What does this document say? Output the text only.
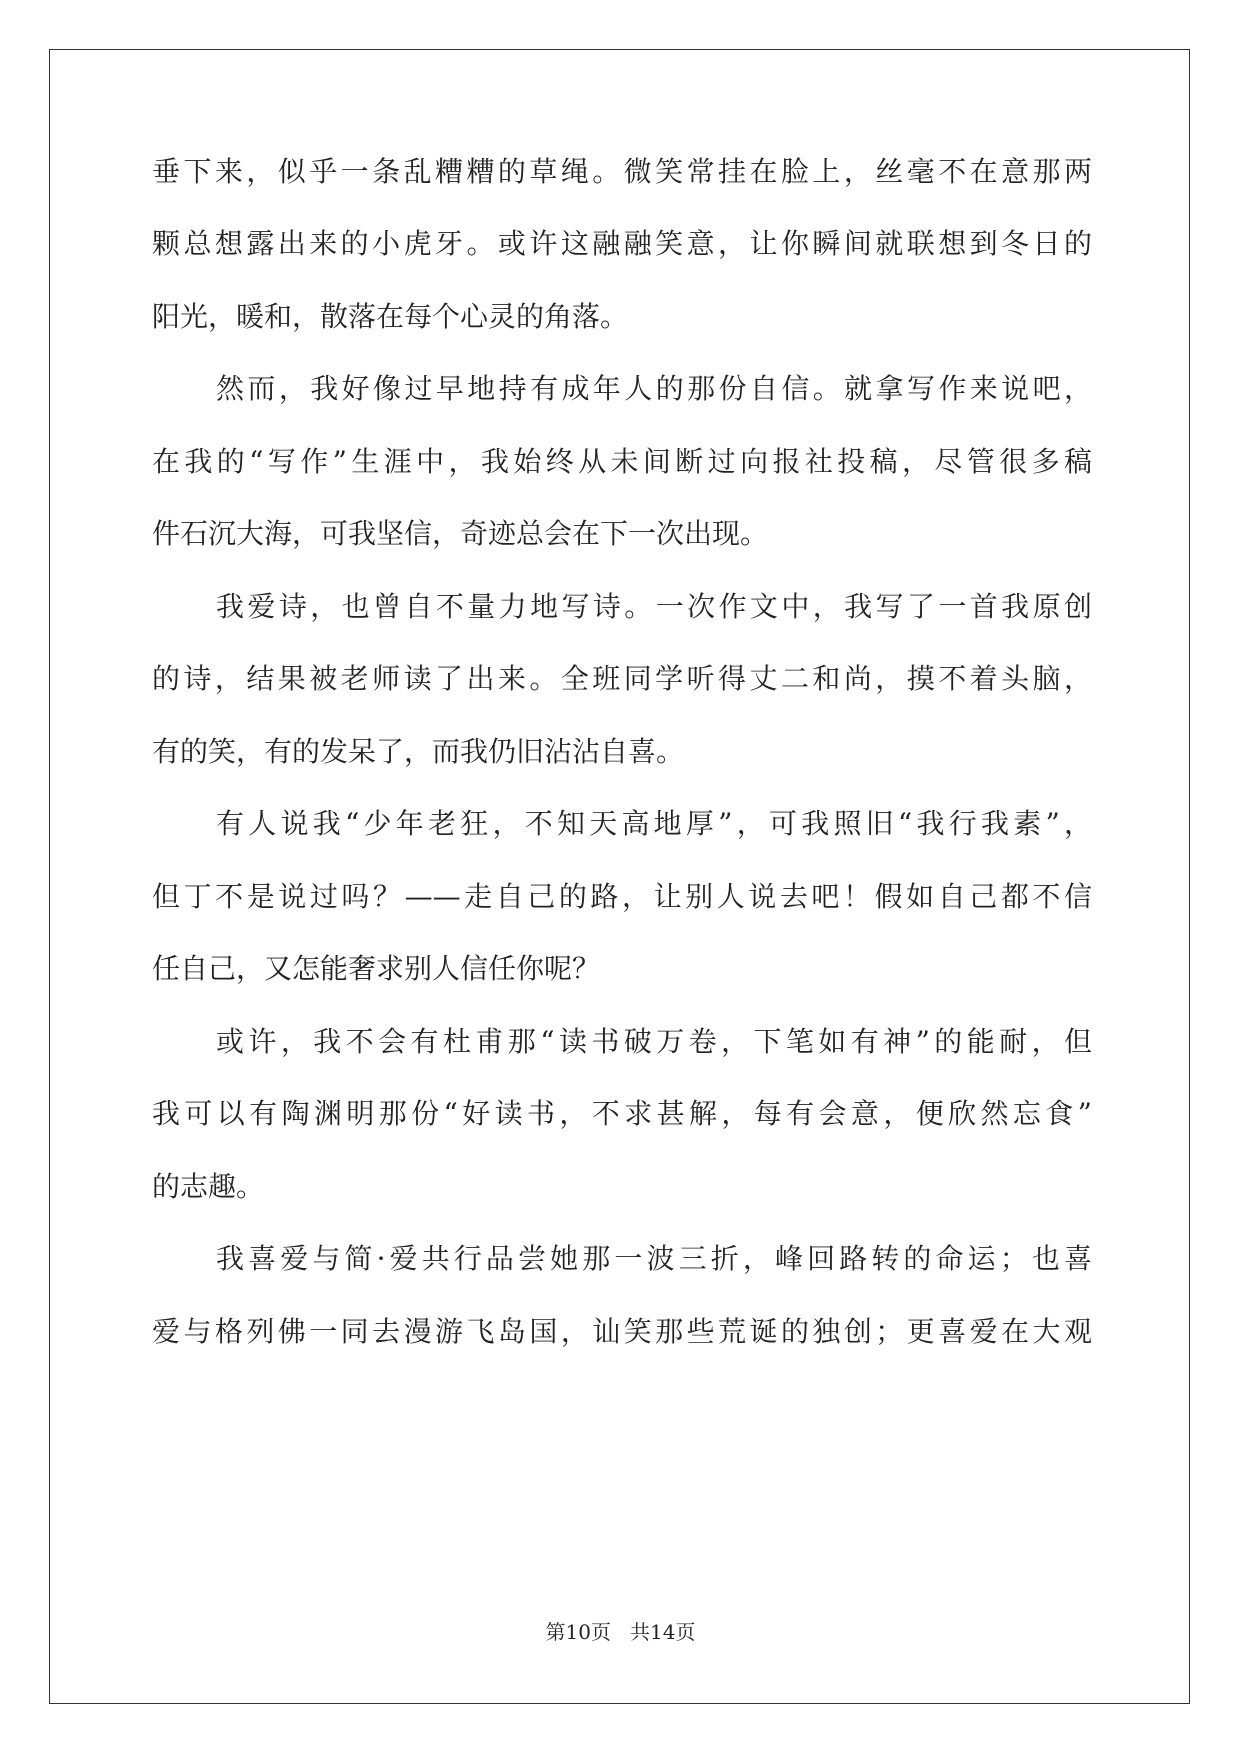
垂下来，似乎一条乱糟糟的草绳。微笑常挂在脸上，丝毫不在意那两
颗总想露出来的小虎牙。或许这融融笑意，让你瞬间就联想到冬日的
阳光，暖和，散落在每个心灵的角落。
然而，我好像过早地持有成年人的那份自信。就拿写作来说吧，
在我的“写作”生涯中，我始终从未间断过向报社投稿，尽管很多稿
件石沉大海，可我坚信，奇迹总会在下一次出现。
我爱诗，也曾自不量力地写诗。一次作文中，我写了一首我原创
的诗，结果被老师读了出来。全班同学听得丈二和尚，摸不着头脑，
有的笑，有的发呆了，而我仍旧沾沾自喜。
有人说我“少年老狂，不知天高地厚”，可我照旧“我行我素”，
但丁不是说过吗？——走自己的路，让别人说去吧！假如自己都不信
任自己，又怎能奢求别人信任你呢？
或许，我不会有杜甫那“读书破万卷，下笔如有神”的能耐，但
我可以有陶渊明那份“好读书，不求甚解，每有会意，便欣然忘食”
的志趣。
我喜爱与简·爱共行品尝她那一波三折，峰回路转的命运；也喜
爱与格列佛一同去漫游飞岛国，讪笑那些荒诞的独创；更喜爱在大观
第10页 共14页
